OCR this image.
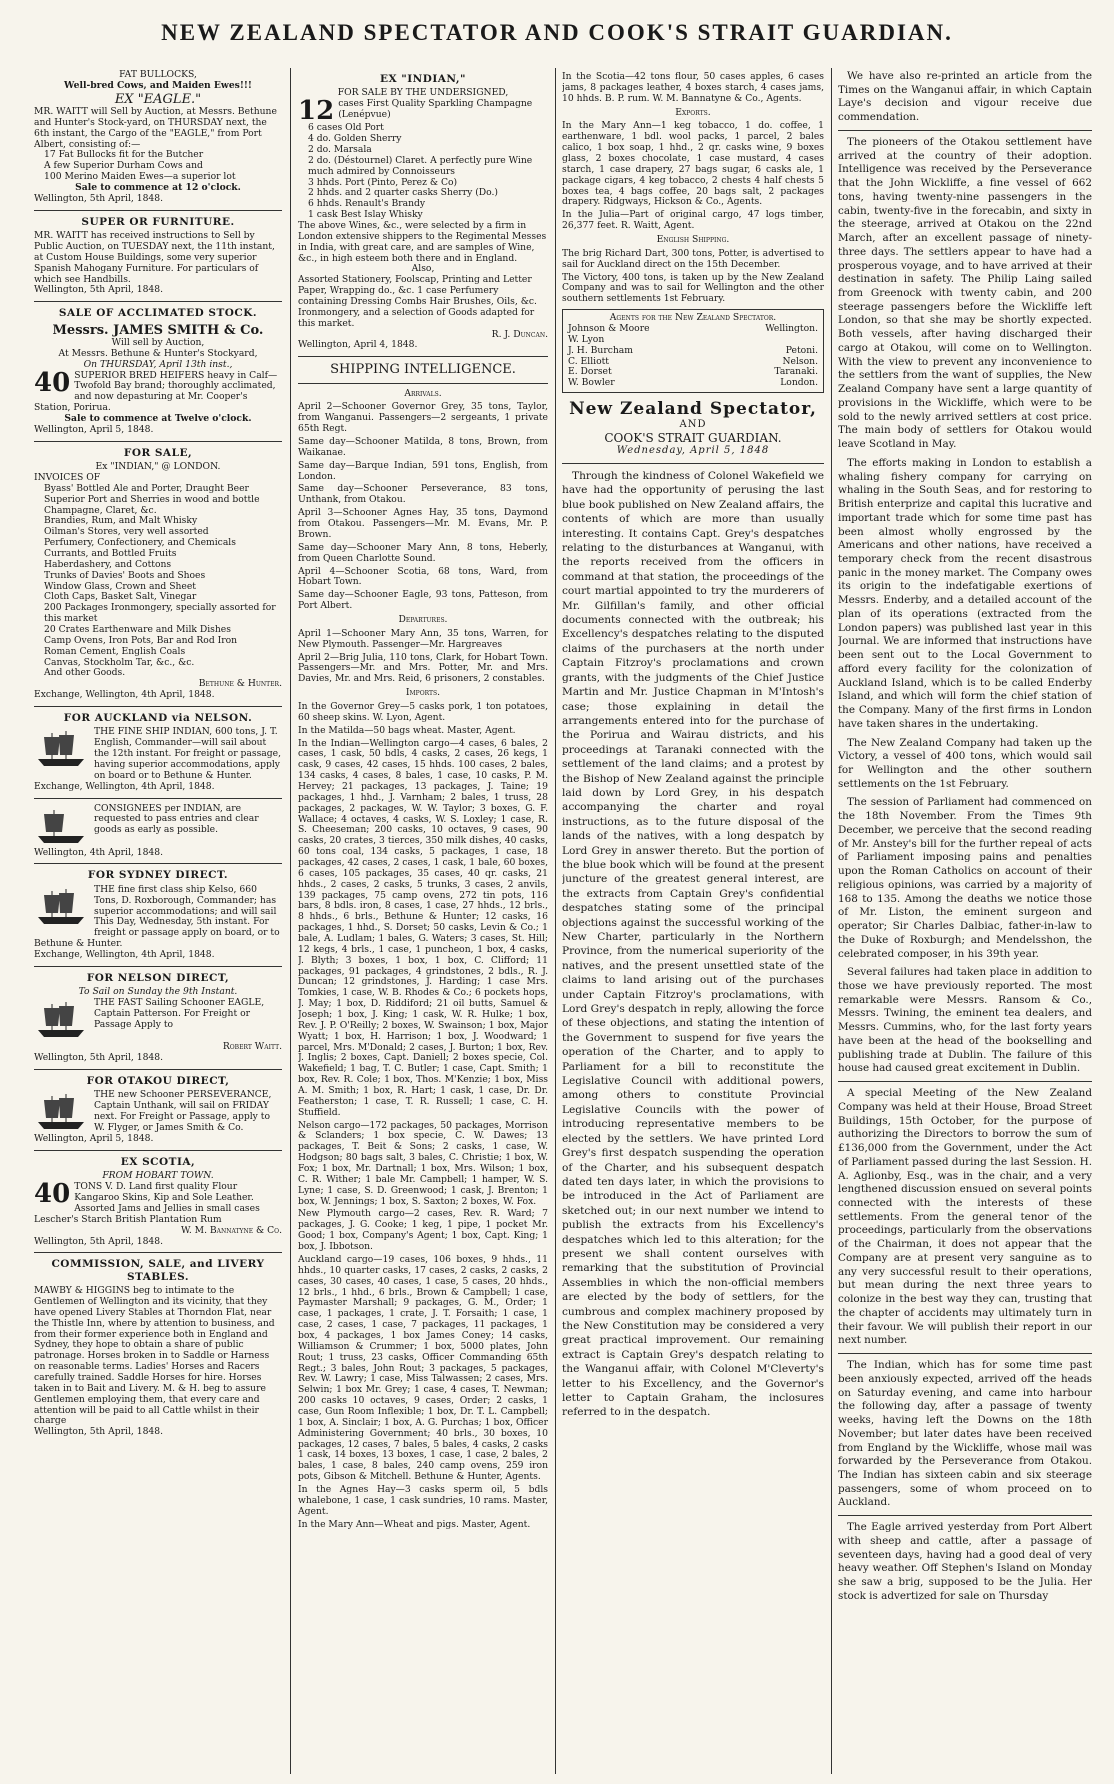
NEW ZEALAND SPECTATOR AND COOK'S STRAIT GUARDIAN.
FAT BULLOCKS,
Well-bred Cows, and Maiden Ewes!!!
EX "EAGLE."
MR. WAITT will Sell by Auction, at Messrs. Bethune and Hunter's Stock-yard, on THURSDAY next, the 6th instant, the Cargo of the "EAGLE," from Port Albert, consisting of:—
17 Fat Bullocks fit for the Butcher
A few Superior Durham Cows and
100 Merino Maiden Ewes—a superior lot
Sale to commence at 12 o'clock.
Wellington, 5th April, 1848.
SUPER OR FURNITURE.
MR. WAITT has received instructions to Sell by Public Auction, on TUESDAY next, the 11th instant, at Custom House Buildings, some very superior Spanish Mahogany Furniture. For particulars of which see Handbills.
Wellington, 5th April, 1848.
SALE OF ACCLIMATED STOCK.
Messrs. JAMES SMITH & Co.
Will sell by Auction,
At Messrs. Bethune & Hunter's Stockyard,
On THURSDAY, April 13th inst.,
40 SUPERIOR BRED HEIFERS heavy in Calf—Twofold Bay brand; thoroughly acclimated, and now depasturing at Mr. Cooper's Station, Porirua.
Sale to commence at Twelve o'clock.
Wellington, April 5, 1848.
FOR SALE,
Ex "INDIAN," @ LONDON.
INVOICES OF
Byass' Bottled Ale and Porter, Draught Beer
Superior Port and Sherries in wood and bottle
Champagne, Claret, &c.
Brandies, Rum, and Malt Whisky
Oilman's Stores, very well assorted
Perfumery, Confectionery, and Chemicals
Currants, and Bottled Fruits
Haberdashery, and Cottons
Trunks of Davies' Boots and Shoes
Window Glass, Crown and Sheet
Cloth Caps, Basket Salt, Vinegar
200 Packages Ironmongery, specially assorted for this market
20 Crates Earthenware and Milk Dishes
Camp Ovens, Iron Pots, Bar and Rod Iron
Roman Cement, English Coals
Canvas, Stockholm Tar, &c., &c.
And other Goods.
Bethune & Hunter.
Exchange, Wellington, 4th April, 1848.
FOR AUCKLAND via NELSON.
THE FINE SHIP INDIAN, 600 tons, J. T. English, Commander—will sail about the 12th instant. For freight or passage, having superior accommodations, apply on board or to Bethune & Hunter.
Exchange, Wellington, 4th April, 1848.
CONSIGNEES per INDIAN, are requested to pass entries and clear goods as early as possible.
Wellington, 4th April, 1848.
FOR SYDNEY DIRECT.
THE fine first class ship Kelso, 660 Tons, D. Roxborough, Commander; has superior accommodations; and will sail This Day, Wednesday, 5th instant. For freight or passage apply on board, or to Bethune & Hunter.
Exchange, Wellington, 4th April, 1848.
FOR NELSON DIRECT,
To Sail on Sunday the 9th Instant.
THE FAST Sailing Schooner EAGLE, Captain Patterson. For Freight or Passage Apply to
Robert Waitt.
Wellington, 5th April, 1848.
FOR OTAKOU DIRECT,
THE new Schooner PERSEVERANCE, Captain Unthank, will sail on FRIDAY next. For Freight or Passage, apply to W. Flyger, or James Smith & Co.
Wellington, April 5, 1848.
EX SCOTIA,
FROM HOBART TOWN.
40 TONS V. D. Land first quality Flour Kangaroo Skins, Kip and Sole Leather. Assorted Jams and Jellies in small cases Lescher's Starch British Plantation Rum
W. M. Bannatyne & Co.
Wellington, 5th April, 1848.
COMMISSION, SALE, and LIVERY STABLES.
MAWBY & HIGGINS beg to intimate to the Gentlemen of Wellington and its vicinity, that they have opened Livery Stables at Thorndon Flat, near the Thistle Inn, where by attention to business, and from their former experience both in England and Sydney, they hope to obtain a share of public patronage. Horses broken in to Saddle or Harness on reasonable terms. Ladies' Horses and Racers carefully trained. Saddle Horses for hire. Horses taken in to Bait and Livery. M. & H. beg to assure Gentlemen employing them, that every care and attention will be paid to all Cattle whilst in their charge
Wellington, 5th April, 1848.
EX "INDIAN,"
FOR SALE BY THE UNDERSIGNED,
12 cases First Quality Sparkling Champagne (Lenépvue)
6 cases Old Port
4 do. Golden Sherry
2 do. Marsala
2 do. (Déstournel) Claret. A perfectly pure Wine much admired by Connoisseurs
3 hhds. Port (Pinto, Perez & Co)
2 hhds. and 2 quarter casks Sherry (Do.)
6 hhds. Renault's Brandy
1 cask Best Islay Whisky
The above Wines, &c., were selected by a firm in London extensive shippers to the Regimental Messes in India, with great care, and are samples of Wine, &c., in high esteem both there and in England.
Also,
Assorted Stationery, Foolscap, Printing and Letter Paper, Wrapping do., &c. 1 case Perfumery containing Dressing Combs Hair Brushes, Oils, &c. Ironmongery, and a selection of Goods adapted for this market.
R. J. Duncan.
Wellington, April 4, 1848.
SHIPPING INTELLIGENCE.
Arrivals.

April 2—Schooner Governor Grey, 35 tons, Taylor, from Wanganui. Passengers—2 sergeants, 1 private 65th Regt.

Same day—Schooner Matilda, 8 tons, Brown, from Waikanae.

Same day—Barque Indian, 591 tons, English, from London.

Same day—Schooner Perseverance, 83 tons, Unthank, from Otakou.

April 3—Schooner Agnes Hay, 35 tons, Daymond from Otakou. Passengers—Mr. M. Evans, Mr. P. Brown.

Same day—Schooner Mary Ann, 8 tons, Heberly, from Queen Charlotte Sound.

April 4—Schooner Scotia, 68 tons, Ward, from Hobart Town.

Same day—Schooner Eagle, 93 tons, Patteson, from Port Albert.

Departures.

April 1—Schooner Mary Ann, 35 tons, Warren, for New Plymouth. Passenger—Mr. Hargreaves

April 2—Brig Julia, 110 tons, Clark, for Hobart Town. Passengers—Mr. and Mrs. Potter, Mr. and Mrs. Davies, Mr. and Mrs. Reid, 6 prisoners, 2 constables.

Imports.

In the Governor Grey—5 casks pork, 1 ton potatoes, 60 sheep skins. W. Lyon, Agent.

In the Matilda—50 bags wheat. Master, Agent.

In the Indian—Wellington cargo—4 cases, 6 bales, 2 cases, 1 cask, 50 bdls, 4 casks, 2 cases, 26 kegs, 1 cask, 9 cases, 42 cases, 15 hhds. 100 cases, 2 bales, 134 casks, 4 cases, 8 bales, 1 case, 10 casks, P. M. Hervey; 21 packages, 13 packages, J. Taine; 19 packages, 1 hhd., J. Varnham; 2 bales, 1 truss, 28 packages, 2 packages, W. W. Taylor; 3 boxes, G. F. Wallace; 4 octaves, 4 casks, W. S. Loxley; 1 case, R. S. Cheeseman; 200 casks, 10 octaves, 9 cases, 90 casks, 20 crates, 3 tierces, 350 milk dishes, 40 casks, 60 tons coal, 134 casks, 5 packages, 1 case, 18 packages, 42 cases, 2 cases, 1 cask, 1 bale, 60 boxes, 6 cases, 105 packages, 35 cases, 40 qr. casks, 21 hhds., 2 cases, 2 casks, 5 trunks, 3 cases, 2 anvils, 139 packages, 75 camp ovens, 272 tin pots, 116 bars, 8 bdls. iron, 8 cases, 1 case, 27 hhds., 12 brls., 8 hhds., 6 brls., Bethune & Hunter; 12 casks, 16 packages, 1 hhd., S. Dorset; 50 casks, Levin & Co.; 1 bale, A. Ludlam; 1 bales, G. Waters; 3 cases, St. Hill; 12 kegs, 4 brls., 1 case, 1 puncheon, 1 box, 4 casks, J. Blyth; 3 boxes, 1 box, 1 box, C. Clifford; 11 packages, 91 packages, 4 grindstones, 2 bdls., R. J. Duncan; 12 grindstones, J. Harding; 1 case Mrs. Tomkies, 1 case, W. B. Rhodes & Co.; 6 pockets hops, J. May; 1 box, D. Riddiford; 21 oil butts, Samuel & Joseph; 1 box, J. King; 1 cask, W. R. Hulke; 1 box, Rev. J. P. O'Reilly; 2 boxes, W. Swainson; 1 box, Major Wyatt; 1 box, H. Harrison; 1 box, J. Woodward; 1 parcel, Mrs. M'Donald; 2 cases, J. Burton; 1 box, Rev. J. Inglis; 2 boxes, Capt. Daniell; 2 boxes specie, Col. Wakefield; 1 bag, T. C. Butler; 1 case, Capt. Smith; 1 box, Rev. R. Cole; 1 box, Thos. M'Kenzie; 1 box, Miss A. M. Smith; 1 box, R. Hart; 1 cask, 1 case, Dr. Dr. Featherston; 1 case, T. R. Russell; 1 case, C. H. Stuffield.

Nelson cargo—172 packages, 50 packages, Morrison & Sclanders; 1 box specie, C. W. Dawes; 13 packages, T. Beit & Sons; 2 casks, 1 case, W. Hodgson; 80 bags salt, 3 bales, C. Christie; 1 box, W. Fox; 1 box, Mr. Dartnall; 1 box, Mrs. Wilson; 1 box, C. R. Wither; 1 bale Mr. Campbell; 1 hamper, W. S. Lyne; 1 case, S. D. Greenwood; 1 cask, J. Brenton; 1 box, W. Jennings; 1 box, S. Saxton; 2 boxes, W. Fox.

New Plymouth cargo—2 cases, Rev. R. Ward; 7 packages, J. G. Cooke; 1 keg, 1 pipe, 1 pocket Mr. Good; 1 box, Company's Agent; 1 box, Capt. King; 1 box, J. Ibbotson.

Auckland cargo—19 cases, 106 boxes, 9 hhds., 11 hhds., 10 quarter casks, 17 cases, 2 casks, 2 casks, 2 cases, 30 cases, 40 cases, 1 case, 5 cases, 20 hhds., 12 brls., 1 hhd., 6 brls., Brown & Campbell; 1 case, Paymaster Marshall; 9 packages, G. M., Order; 1 case, 1 packages, 1 crate, J. T. Forsaith; 1 case, 1 case, 2 cases, 1 case, 7 packages, 11 packages, 1 box, 4 packages, 1 box James Coney; 14 casks, Williamson & Crummer; 1 box, 5000 plates, John Rout; 1 truss, 23 casks, Officer Commanding 65th Regt.; 3 bales, John Rout; 3 packages, 5 packages, Rev. W. Lawry; 1 case, Miss Talwassen; 2 cases, Mrs. Selwin; 1 box Mr. Grey; 1 case, 4 cases, T. Newman; 200 casks 10 octaves, 9 cases, Order; 2 casks, 1 case, Gun Room Inflexible; 1 box, Dr. T. L. Campbell; 1 box, A. Sinclair; 1 box, A. G. Purchas; 1 box, Officer Administering Government; 40 brls., 30 boxes, 10 packages, 12 cases, 7 bales, 5 bales, 4 casks, 2 casks 1 cask, 14 boxes, 13 boxes, 1 case, 1 case, 2 bales, 2 bales, 1 case, 8 bales, 240 camp ovens, 259 iron pots, Gibson & Mitchell. Bethune & Hunter, Agents.

In the Agnes Hay—3 casks sperm oil, 5 bdls whalebone, 1 case, 1 cask sundries, 10 rams. Master, Agent.

In the Mary Ann—Wheat and pigs. Master, Agent.

In the Scotia—42 tons flour, 50 cases apples, 6 cases jams, 8 packages leather, 4 boxes starch, 4 cases jams, 10 hhds. B. P. rum. W. M. Bannatyne & Co., Agents.

Exports.

In the Mary Ann—1 keg tobacco, 1 do. coffee, 1 earthenware, 1 bdl. wool packs, 1 parcel, 2 bales calico, 1 box soap, 1 hhd., 2 qr. casks wine, 9 boxes glass, 2 boxes chocolate, 1 case mustard, 4 cases starch, 1 case drapery, 27 bags sugar, 6 casks ale, 1 package cigars, 4 keg tobacco, 2 chests 4 half chests 5 boxes tea, 4 bags coffee, 20 bags salt, 2 packages drapery. Ridgways, Hickson & Co., Agents.

In the Julia—Part of original cargo, 47 logs timber, 26,377 feet. R. Waitt, Agent.

English Shipping.

The brig Richard Dart, 300 tons, Potter, is advertised to sail for Auckland direct on the 15th December.

The Victory, 400 tons, is taken up by the New Zealand Company and was to sail for Wellington and the other southern settlements 1st February.

Agents for the New Zealand Spectator.
Johnson & Moore	Wellington.
W. Lyon
J. H. Burcham	Petoni.
C. Elliott	Nelson.
E. Dorset	Taranaki.
W. Bowler	London.
New Zealand Spectator,
AND
COOK'S STRAIT GUARDIAN.
Wednesday, April 5, 1848

Through the kindness of Colonel Wakefield we have had the opportunity of perusing the last blue book published on New Zealand affairs, the contents of which are more than usually interesting. It contains Capt. Grey's despatches relating to the disturbances at Wanganui, with the reports received from the officers in command at that station, the proceedings of the court martial appointed to try the murderers of Mr. Gilfillan's family, and other official documents connected with the outbreak; his Excellency's despatches relating to the disputed claims of the purchasers at the north under Captain Fitzroy's proclamations and crown grants, with the judgments of the Chief Justice Martin and Mr. Justice Chapman in M'Intosh's case; those explaining in detail the arrangements entered into for the purchase of the Porirua and Wairau districts, and his proceedings at Taranaki connected with the settlement of the land claims; and a protest by the Bishop of New Zealand against the principle laid down by Lord Grey, in his despatch accompanying the charter and royal instructions, as to the future disposal of the lands of the natives, with a long despatch by Lord Grey in answer thereto. But the portion of the blue book which will be found at the present juncture of the greatest general interest, are the extracts from Captain Grey's confidential despatches stating some of the principal objections against the successful working of the New Charter, particularly in the Northern Province, from the numerical superiority of the natives, and the present unsettled state of the claims to land arising out of the purchases under Captain Fitzroy's proclamations, with Lord Grey's despatch in reply, allowing the force of these objections, and stating the intention of the Government to suspend for five years the operation of the Charter, and to apply to Parliament for a bill to reconstitute the Legislative Council with additional powers, among others to constitute Provincial Legislative Councils with the power of introducing representative members to be elected by the settlers. We have printed Lord Grey's first despatch suspending the operation of the Charter, and his subsequent despatch dated ten days later, in which the provisions to be introduced in the Act of Parliament are sketched out; in our next number we intend to publish the extracts from his Excellency's despatches which led to this alteration; for the present we shall content ourselves with remarking that the substitution of Provincial Assemblies in which the non-official members are elected by the body of settlers, for the cumbrous and complex machinery proposed by the New Constitution may be considered a very great practical improvement. Our remaining extract is Captain Grey's despatch relating to the Wanganui affair, with Colonel M'Cleverty's letter to his Excellency, and the Governor's letter to Captain Graham, the inclosures referred to in the despatch.

We have also re-printed an article from the Times on the Wanganui affair, in which Captain Laye's decision and vigour receive due commendation.

The pioneers of the Otakou settlement have arrived at the country of their adoption. Intelligence was received by the Perseverance that the John Wickliffe, a fine vessel of 662 tons, having twenty-nine passengers in the cabin, twenty-five in the forecabin, and sixty in the steerage, arrived at Otakou on the 22nd March, after an excellent passage of ninety-three days. The settlers appear to have had a prosperous voyage, and to have arrived at their destination in safety. The Philip Laing sailed from Greenock with twenty cabin, and 200 steerage passengers before the Wickliffe left London, so that she may be shortly expected. Both vessels, after having discharged their cargo at Otakou, will come on to Wellington. With the view to prevent any inconvenience to the settlers from the want of supplies, the New Zealand Company have sent a large quantity of provisions in the Wickliffe, which were to be sold to the newly arrived settlers at cost price. The main body of settlers for Otakou would leave Scotland in May.

The efforts making in London to establish a whaling fishery company for carrying on whaling in the South Seas, and for restoring to British enterprize and capital this lucrative and important trade which for some time past has been almost wholly engrossed by the Americans and other nations, have received a temporary check from the recent disastrous panic in the money market. The Company owes its origin to the indefatigable exertions of Messrs. Enderby, and a detailed account of the plan of its operations (extracted from the London papers) was published last year in this Journal. We are informed that instructions have been sent out to the Local Government to afford every facility for the colonization of Auckland Island, which is to be called Enderby Island, and which will form the chief station of the Company. Many of the first firms in London have taken shares in the undertaking.

The New Zealand Company had taken up the Victory, a vessel of 400 tons, which would sail for Wellington and the other southern settlements on the 1st February.

The session of Parliament had commenced on the 18th November. From the Times 9th December, we perceive that the second reading of Mr. Anstey's bill for the further repeal of acts of Parliament imposing pains and penalties upon the Roman Catholics on account of their religious opinions, was carried by a majority of 168 to 135. Among the deaths we notice those of Mr. Liston, the eminent surgeon and operator; Sir Charles Dalbiac, father-in-law to the Duke of Roxburgh; and Mendelsshon, the celebrated composer, in his 39th year.

Several failures had taken place in addition to those we have previously reported. The most remarkable were Messrs. Ransom & Co., Messrs. Twining, the eminent tea dealers, and Messrs. Cummins, who, for the last forty years have been at the head of the bookselling and publishing trade at Dublin. The failure of this house had caused great excitement in Dublin.

A special Meeting of the New Zealand Company was held at their House, Broad Street Buildings, 15th October, for the purpose of authorizing the Directors to borrow the sum of £136,000 from the Government, under the Act of Parliament passed during the last Session. H. A. Aglionby, Esq., was in the chair, and a very lengthened discussion ensued on several points connected with the interests of these settlements. From the general tenor of the proceedings, particularly from the observations of the Chairman, it does not appear that the Company are at present very sanguine as to any very successful result to their operations, but mean during the next three years to colonize in the best way they can, trusting that the chapter of accidents may ultimately turn in their favour. We will publish their report in our next number.

The Indian, which has for some time past been anxiously expected, arrived off the heads on Saturday evening, and came into harbour the following day, after a passage of twenty weeks, having left the Downs on the 18th November; but later dates have been received from England by the Wickliffe, whose mail was forwarded by the Perseverance from Otakou. The Indian has sixteen cabin and six steerage passengers, some of whom proceed on to Auckland.

The Eagle arrived yesterday from Port Albert with sheep and cattle, after a passage of seventeen days, having had a good deal of very heavy weather. Off Stephen's Island on Monday she saw a brig, supposed to be the Julia. Her stock is advertized for sale on Thursday
